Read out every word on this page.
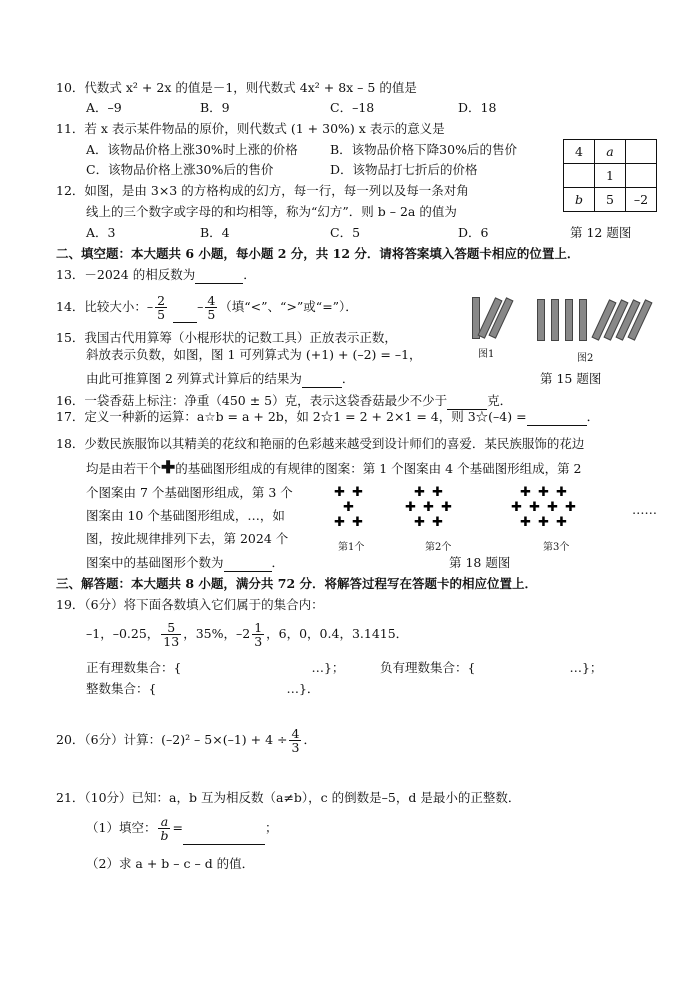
10．代数式 x² + 2x 的值是－1，则代数式 4x² + 8x – 5 的值是
A．–9	B．9	C．–18	D．18
11．若 x 表示某件物品的原价，则代数式 (1 + 30%) x 表示的意义是
A．该物品价格上涨30%时上涨的价格	B．该物品价格下降30%后的售价
C．该物品价格上涨30%后的售价	D．该物品打七折后的价格
12．如图，是由 3×3 的方格构成的幻方，每一行，每一列以及每一条对角
线上的三个数字或字母的和均相等，称为“幻方”．则 b – 2a 的值为
A．3	B．4	C．5	D．6
4	a	
	1	
b	5	–2
第 12 题图
二、填空题：本大题共 6 小题，每小题 2 分，共 12 分．请将答案填入答题卡相应的位置上．
13．－2024 的相反数为	．
14．比较大小：– $\frac{2}{5} - \frac{4}{5}$ （填“<”、“>”或“=”）．
图1	图2
15．我国古代用算筹（小棍形状的记数工具）正放表示正数，
斜放表示负数，如图，图 1 可列算式为 (+1) + (–2) = –1，
由此可推算图 2 列算式计算后的结果为	．	第 15 题图
16．一袋香菇上标注：净重（450 ± 5）克，表示这袋香菇最少不少于	克．
17．定义一种新的运算：a☆b = a + 2b，如 2☆1 = 2 + 2×1 = 4，则 3☆(–4) =	．
18．少数民族服饰以其精美的花纹和艳丽的色彩越来越受到设计师们的喜爱．某民族服饰的花边
均是由若干个✚的基础图形组成的有规律的图案：第 1 个图案由 4 个基础图形组成，第 2
个图案由 7 个基础图形组成，第 3 个
图案由 10 个基础图形组成，…，如
图，按此规律排列下去，第 2024 个
图案中的基础图形个数为	．
✚ ✚
✚
✚ ✚
第1个
✚ ✚
✚ ✚ ✚
✚ ✚
第2个
✚ ✚ ✚
✚ ✚ ✚ ✚
✚ ✚ ✚
第3个
……
第 18 题图
三、解答题：本大题共 8 小题，满分共 72 分．将解答过程写在答题卡的相应位置上．
19．（6分）将下面各数填入它们属于的集合内：
–1，–0.25， $\frac{5}{13}$ ，35%，$-2 \frac{1}{3}$ ，6，0，0.4̇，3.1415．
正有理数集合：{	…}；	负有理数集合：{	…}；
整数集合：{	…}．
20．（6分）计算：$(-2)^2 - 5\times(-1) + 4 \div \frac{4}{3}$ ．
21．（10分）已知：a，b 互为相反数（a≠b），c 的倒数是–5，d 是最小的正整数．
（1）填空： $\frac{a}{b}$ =	；
（2）求 a + b – c – d 的值．
